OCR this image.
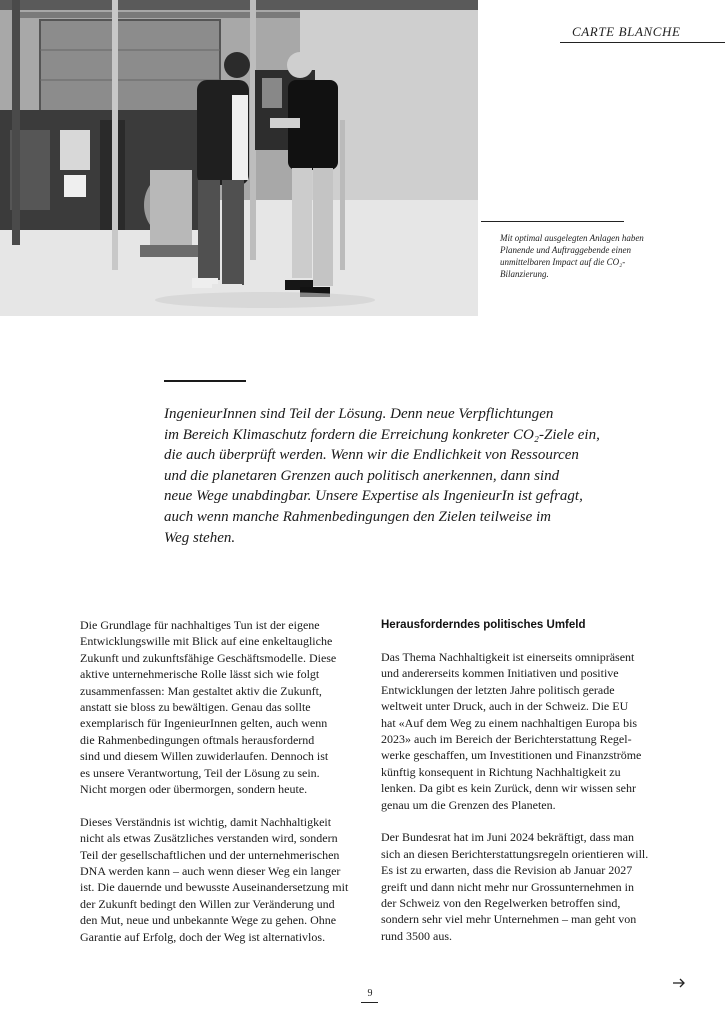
CARTE BLANCHE
Mit optimal ausgelegten Anlagen haben Planende und Auftraggebende einen unmittelbaren Impact auf die CO₂-Bilanzierung.

IngenieurInnen sind Teil der Lösung. Denn neue Verpflichtungen
im Bereich Klimaschutz fordern die Erreichung konkreter CO₂-Ziele ein,
die auch überprüft werden. Wenn wir die Endlichkeit von Ressourcen
und die planetaren Grenzen auch politisch anerkennen, dann sind
neue Wege unabdingbar. Unsere Expertise als IngenieurIn ist gefragt,
auch wenn manche Rahmenbedingungen den Zielen teilweise im
Weg stehen.

Die Grundlage für nachhaltiges Tun ist der eigene
Entwicklungswille mit Blick auf eine enkeltaugliche
Zukunft und zukunftsfähige Geschäftsmodelle. Diese
aktive unternehmerische Rolle lässt sich wie folgt
zusammenfassen: Man gestaltet aktiv die Zukunft,
anstatt sie bloss zu bewältigen. Genau das sollte
exemplarisch für IngenieurInnen gelten, auch wenn
die Rahmenbedingungen oftmals herausfordernd
sind und diesem Willen zuwiderlaufen. Dennoch ist
es unsere Verantwortung, Teil der Lösung zu sein.
Nicht morgen oder übermorgen, sondern heute.

Dieses Verständnis ist wichtig, damit Nachhaltigkeit
nicht als etwas Zusätzliches verstanden wird, sondern
Teil der gesellschaftlichen und der unternehmerischen
DNA werden kann – auch wenn dieser Weg ein langer
ist. Die dauernde und bewusste Auseinandersetzung mit
der Zukunft bedingt den Willen zur Veränderung und
den Mut, neue und unbekannte Wege zu gehen. Ohne
Garantie auf Erfolg, doch der Weg ist alternativlos.

Herausforderndes politisches Umfeld

Das Thema Nachhaltigkeit ist einerseits omnipräsent
und andererseits kommen Initiativen und positive
Entwicklungen der letzten Jahre politisch gerade
weltweit unter Druck, auch in der Schweiz. Die EU
hat «Auf dem Weg zu einem nachhaltigen Europa bis
2023» auch im Bereich der Berichterstattung Regel-
werke geschaffen, um Investitionen und Finanzströme
künftig konsequent in Richtung Nachhaltigkeit zu
lenken. Da gibt es kein Zurück, denn wir wissen sehr
genau um die Grenzen des Planeten.

Der Bundesrat hat im Juni 2024 bekräftigt, dass man
sich an diesen Berichterstattungsregeln orientieren will.
Es ist zu erwarten, dass die Revision ab Januar 2027
greift und dann nicht mehr nur Grossunternehmen in
der Schweiz von den Regelwerken betroffen sind,
sondern sehr viel mehr Unternehmen – man geht von
rund 3500 aus.

9
